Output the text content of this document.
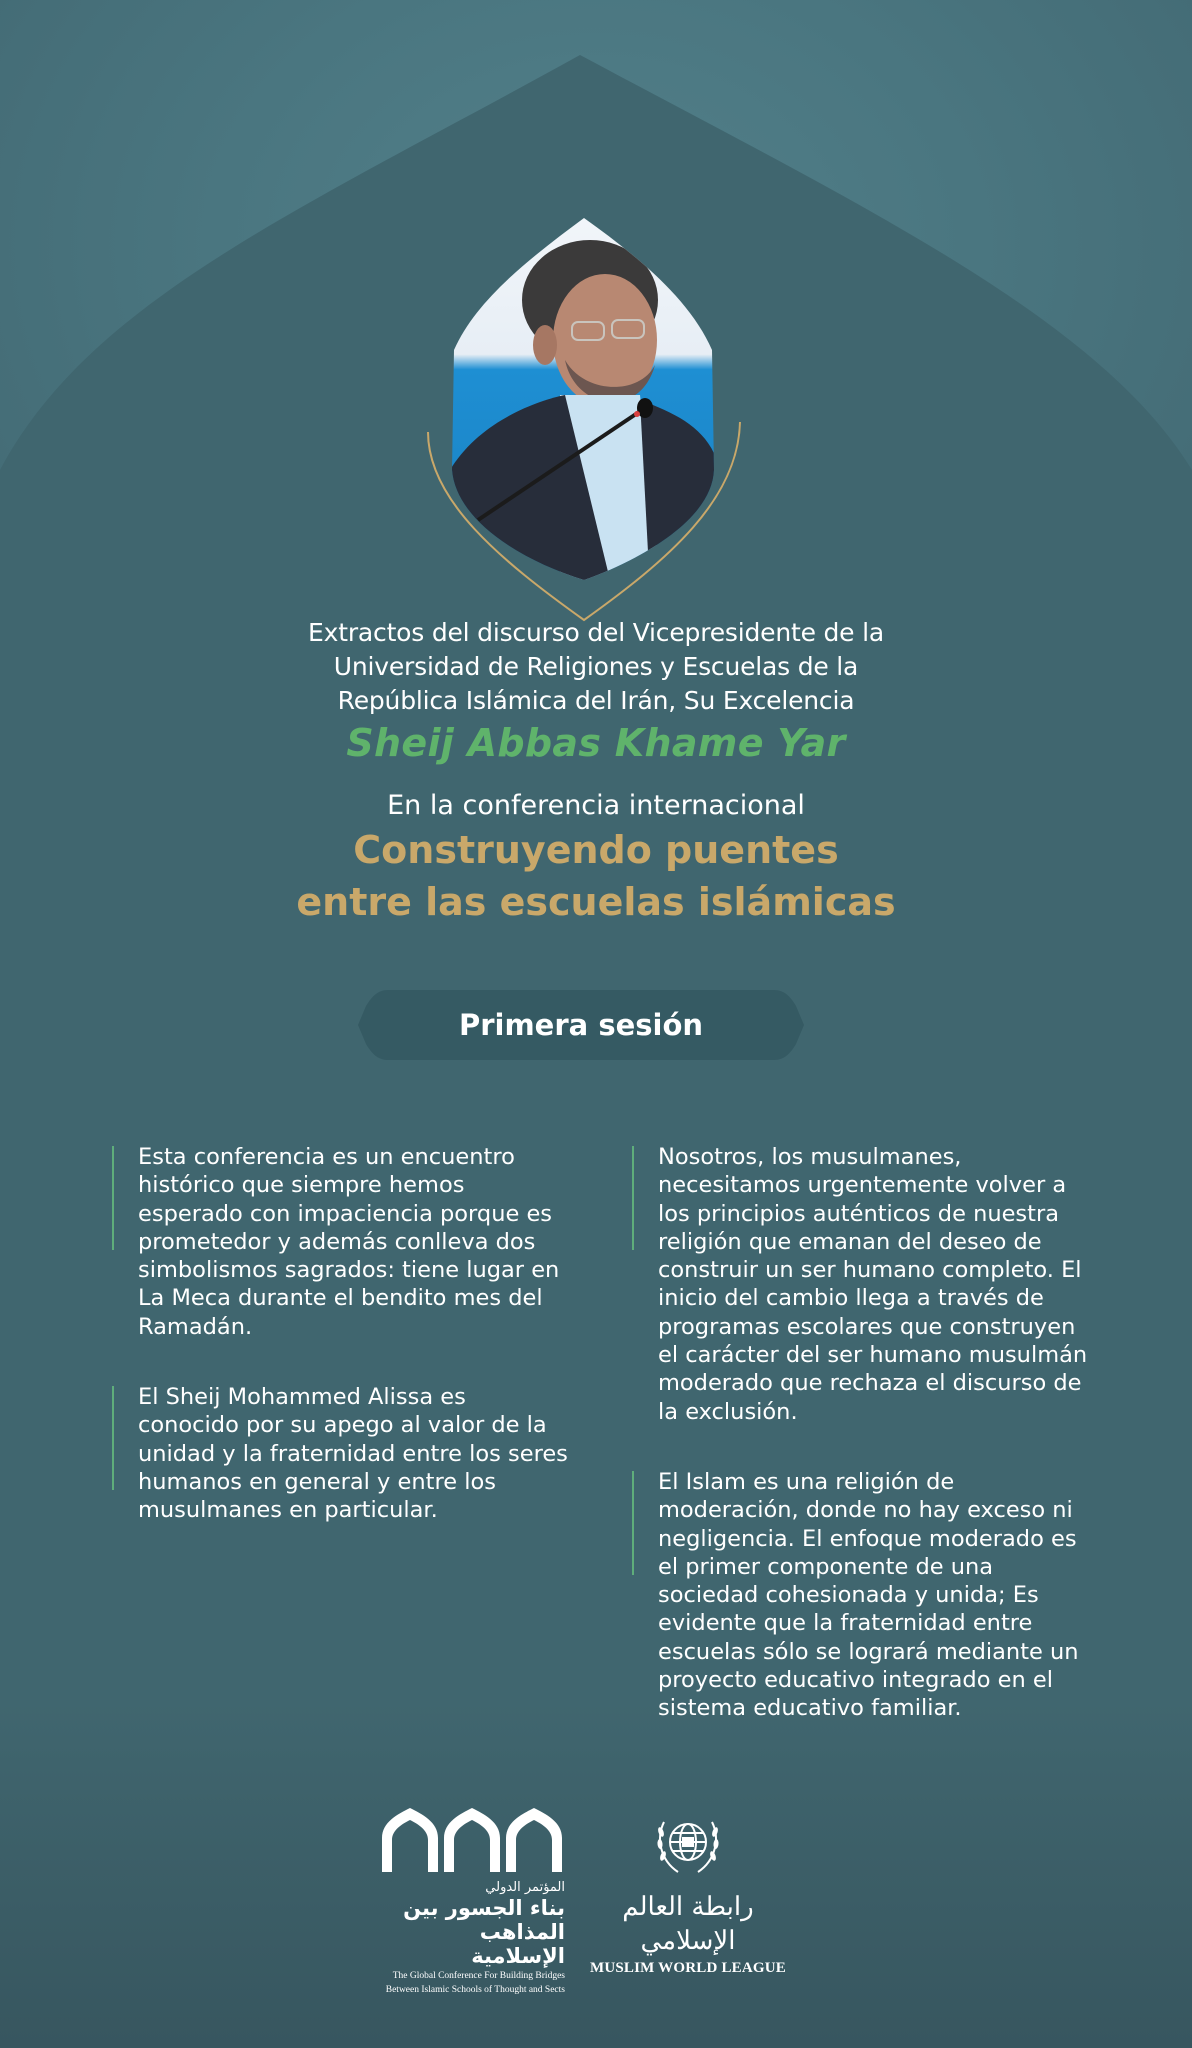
Extractos del discurso del Vicepresidente de la
Universidad de Religiones y Escuelas de la
República Islámica del Irán, Su Excelencia
Sheij Abbas Khame Yar
En la conferencia internacional
Construyendo puentes
entre las escuelas islámicas
Primera sesión
Esta conferencia es un encuentro histórico que siempre hemos esperado con impaciencia porque es prometedor y además conlleva dos simbolismos sagrados: tiene lugar en La Meca durante el bendito mes del Ramadán.
El Sheij Mohammed Alissa es conocido por su apego al valor de la unidad y la fraternidad entre los seres humanos en general y entre los musulmanes en particular.
Nosotros, los musulmanes, necesitamos urgentemente volver a los principios auténticos de nuestra religión que emanan del deseo de construir un ser humano completo. El inicio del cambio llega a través de programas escolares que construyen el carácter del ser humano musulmán moderado que rechaza el discurso de la exclusión.
El Islam es una religión de moderación, donde no hay exceso ni negligencia. El enfoque moderado es el primer componente de una sociedad cohesionada y unida; Es evidente que la fraternidad entre escuelas sólo se logrará mediante un proyecto educativo integrado en el sistema educativo familiar.
المؤتمر الدولي
بناء الجسور بين
المذاهب الإسلامية
The Global Conference For Building Bridges
Between Islamic Schools of Thought and Sects
رابطة العالم الإسلامي
MUSLIM WORLD LEAGUE
